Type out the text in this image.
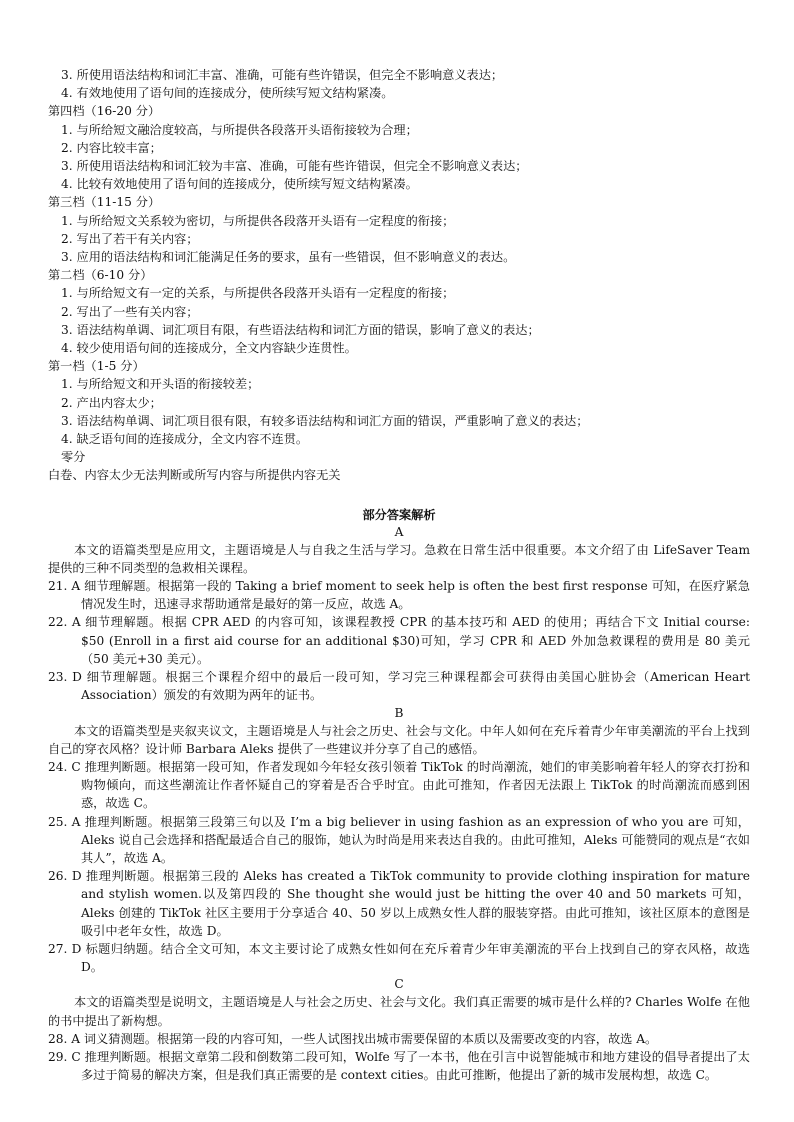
3. 所使用语法结构和词汇丰富、准确，可能有些许错误，但完全不影响意义表达；
4. 有效地使用了语句间的连接成分，使所续写短文结构紧凑。
第四档（16-20 分）
1. 与所给短文融洽度较高，与所提供各段落开头语衔接较为合理；
2. 内容比较丰富；
3. 所使用语法结构和词汇较为丰富、准确，可能有些许错误，但完全不影响意义表达；
4. 比较有效地使用了语句间的连接成分，使所续写短文结构紧凑。
第三档（11-15 分）
1. 与所给短文关系较为密切，与所提供各段落开头语有一定程度的衔接；
2. 写出了若干有关内容；
3. 应用的语法结构和词汇能满足任务的要求，虽有一些错误，但不影响意义的表达。
第二档（6-10 分）
1. 与所给短文有一定的关系，与所提供各段落开头语有一定程度的衔接；
2. 写出了一些有关内容；
3. 语法结构单调、词汇项目有限，有些语法结构和词汇方面的错误，影响了意义的表达；
4. 较少使用语句间的连接成分，全文内容缺少连贯性。
第一档（1-5 分）
1. 与所给短文和开头语的衔接较差；
2. 产出内容太少；
3. 语法结构单调、词汇项目很有限，有较多语法结构和词汇方面的错误，严重影响了意义的表达；
4. 缺乏语句间的连接成分，全文内容不连贯。
零分
白卷、内容太少无法判断或所写内容与所提供内容无关
部分答案解析
A
本文的语篇类型是应用文，主题语境是人与自我之生活与学习。急救在日常生活中很重要。本文介绍了由 LifeSaver Team 提供的三种不同类型的急救相关课程。
21. A 细节理解题。根据第一段的 Taking a brief moment to seek help is often the best first response 可知，在医疗紧急情况发生时，迅速寻求帮助通常是最好的第一反应，故选 A。
22. A 细节理解题。根据 CPR AED 的内容可知，该课程教授 CPR 的基本技巧和 AED 的使用；再结合下文 Initial course: $50 (Enroll in a first aid course for an additional $30)可知，学习 CPR 和 AED 外加急救课程的费用是 80 美元（50 美元+30 美元）。
23. D 细节理解题。根据三个课程介绍中的最后一段可知，学习完三种课程都会可获得由美国心脏协会（American Heart Association）颁发的有效期为两年的证书。
B
本文的语篇类型是夹叙夹议文，主题语境是人与社会之历史、社会与文化。中年人如何在充斥着青少年审美潮流的平台上找到自己的穿衣风格？设计师 Barbara Aleks 提供了一些建议并分享了自己的感悟。
24. C 推理判断题。根据第一段可知，作者发现如今年轻女孩引领着 TikTok 的时尚潮流，她们的审美影响着年轻人的穿衣打扮和购物倾向，而这些潮流让作者怀疑自己的穿着是否合乎时宜。由此可推知，作者因无法跟上 TikTok 的时尚潮流而感到困惑，故选 C。
25. A 推理判断题。根据第三段第三句以及 I’m a big believer in using fashion as an expression of who you are 可知，Aleks 说自己会选择和搭配最适合自己的服饰，她认为时尚是用来表达自我的。由此可推知，Aleks 可能赞同的观点是“衣如其人”，故选 A。
26. D 推理判断题。根据第三段的 Aleks has created a TikTok community to provide clothing inspiration for mature and stylish women.以及第四段的 She thought she would just be hitting the over 40 and 50 markets 可知，Aleks 创建的 TikTok 社区主要用于分享适合 40、50 岁以上成熟女性人群的服装穿搭。由此可推知，该社区原本的意图是吸引中老年女性，故选 D。
27. D 标题归纳题。结合全文可知，本文主要讨论了成熟女性如何在充斥着青少年审美潮流的平台上找到自己的穿衣风格，故选 D。
C
本文的语篇类型是说明文，主题语境是人与社会之历史、社会与文化。我们真正需要的城市是什么样的? Charles Wolfe 在他的书中提出了新构想。
28. A 词义猜测题。根据第一段的内容可知，一些人试图找出城市需要保留的本质以及需要改变的内容，故选 A。
29. C 推理判断题。根据文章第二段和倒数第二段可知，Wolfe 写了一本书，他在引言中说智能城市和地方建设的倡导者提出了太多过于简易的解决方案，但是我们真正需要的是 context cities。由此可推断，他提出了新的城市发展构想，故选 C。
